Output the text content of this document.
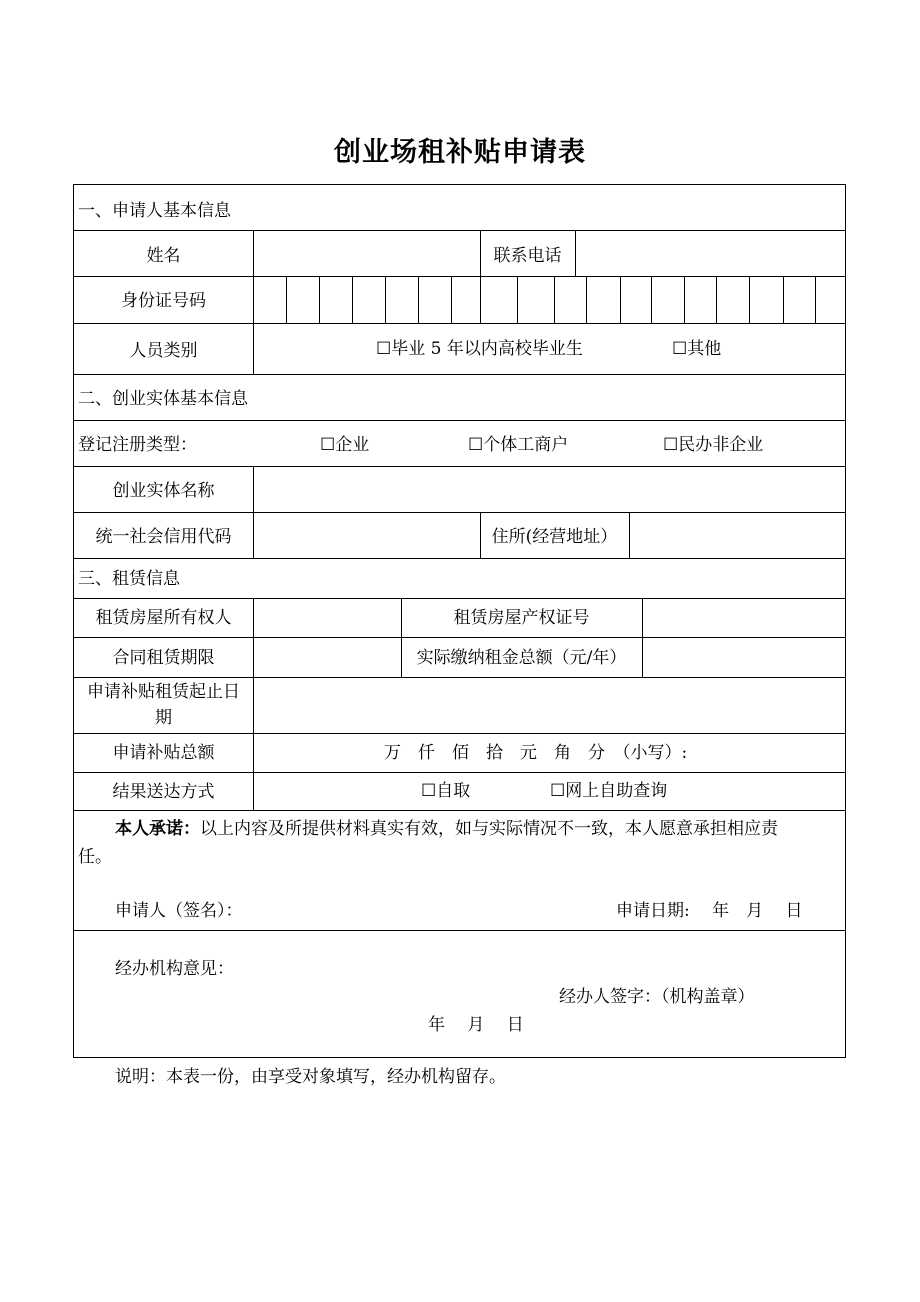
创业场租补贴申请表
一、申请人基本信息
姓名	联系电话
身份证号码
人员类别	☐毕业 5 年以内高校毕业生	☐其他
二、创业实体基本信息
登记注册类型：	☐企业	☐个体工商户	☐民办非企业
创业实体名称
统一社会信用代码	住所(经营地址）
三、租赁信息
租赁房屋所有权人	租赁房屋产权证号
合同租赁期限	实际缴纳租金总额（元/年）
申请补贴租赁起止日
期
申请补贴总额	万　仟　佰　拾　元　角　分　（小写）:
结果送达方式	☐自取	☐网上自助查询
本人承诺：以上内容及所提供材料真实有效，如与实际情况不一致，本人愿意承担相应责
任。
申请人（签名）：	申请日期:　 年　月　 日
经办机构意见：
经办人签字：（机构盖章）
年　 月　 日
说明：本表一份，由享受对象填写，经办机构留存。
